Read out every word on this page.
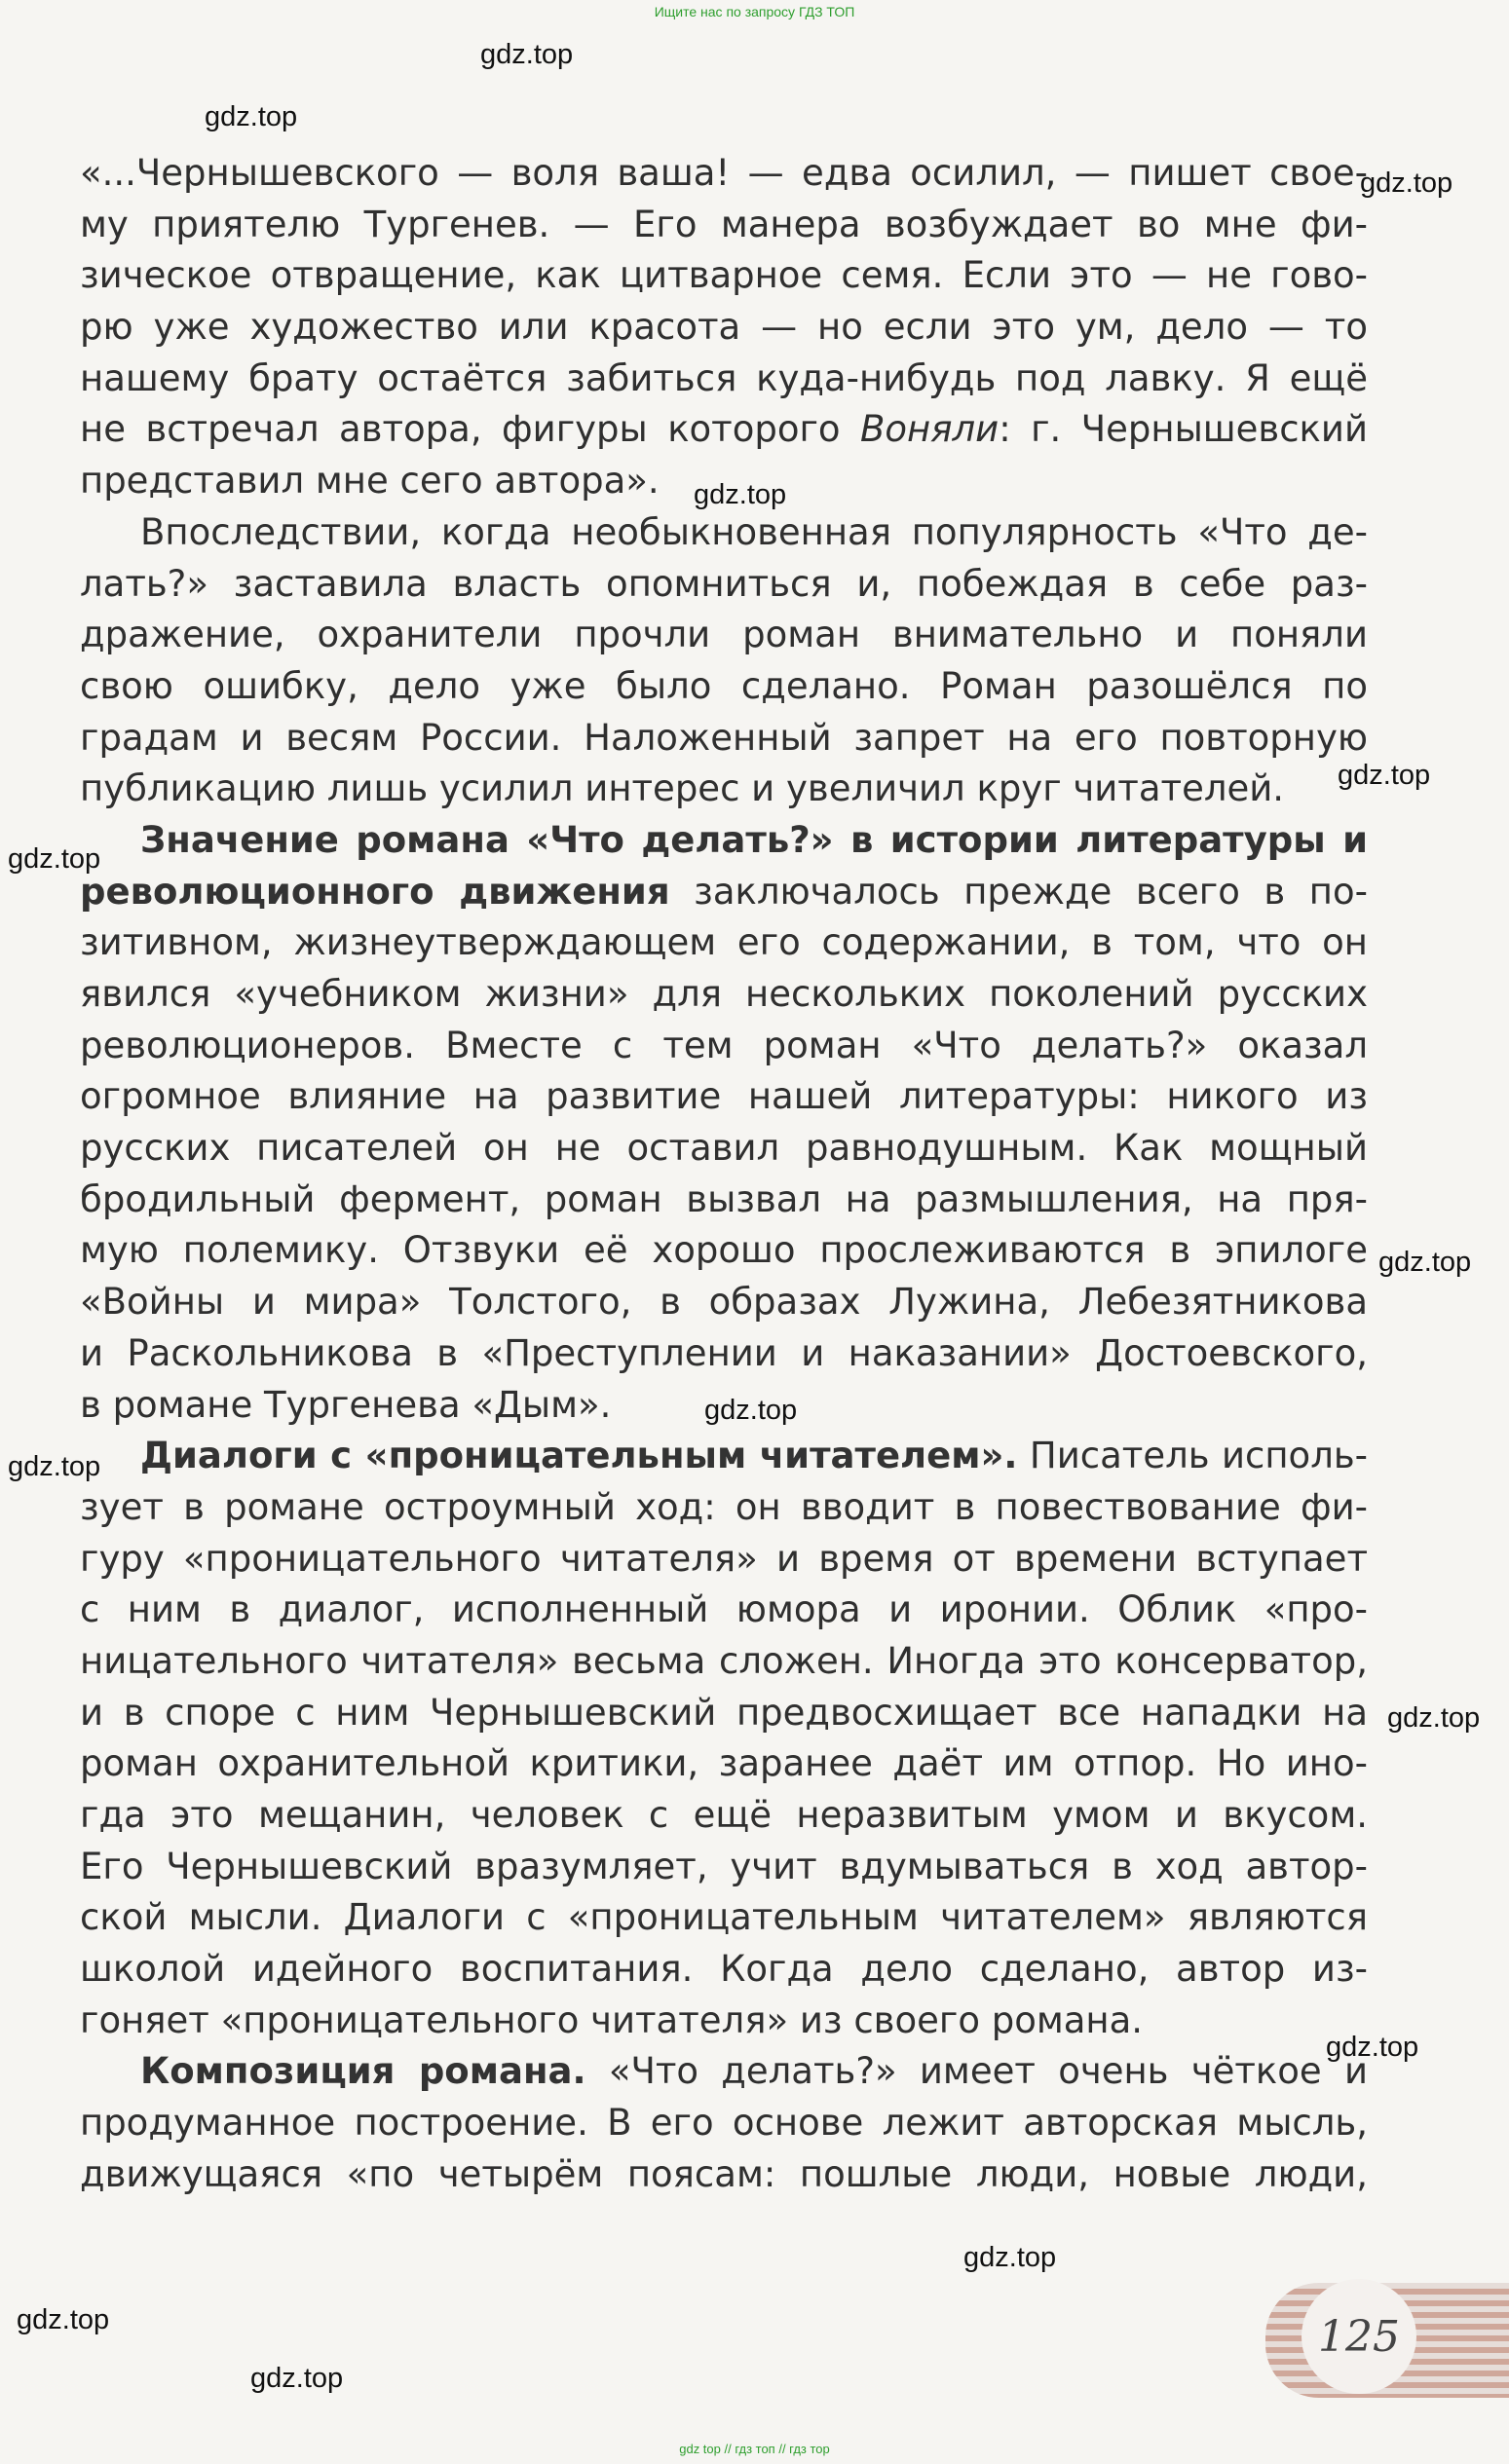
Ищите нас по запросу ГДЗ ТОП
«...Чернышевского — воля ваша! — едва осилил, — пишет свое-
му приятелю Тургенев. — Его манера возбуждает во мне фи-
зическое отвращение, как цитварное семя. Если это — не гово-
рю уже художество или красота — но если это ум, дело — то
нашему брату остаётся забиться куда-нибудь под лавку. Я ещё
не встречал автора, фигуры которого Воняли: г. Чернышевский
представил мне сего автора».
Впоследствии, когда необыкновенная популярность «Что де-
лать?» заставила власть опомниться и, побеждая в себе раз-
дражение, охранители прочли роман внимательно и поняли
свою ошибку, дело уже было сделано. Роман разошёлся по
градам и весям России. Наложенный запрет на его повторную
публикацию лишь усилил интерес и увеличил круг читателей.
Значение романа «Что делать?» в истории литературы и
революционного движения заключалось прежде всего в по-
зитивном, жизнеутверждающем его содержании, в том, что он
явился «учебником жизни» для нескольких поколений русских
революционеров. Вместе с тем роман «Что делать?» оказал
огромное влияние на развитие нашей литературы: никого из
русских писателей он не оставил равнодушным. Как мощный
бродильный фермент, роман вызвал на размышления, на пря-
мую полемику. Отзвуки её хорошо прослеживаются в эпилоге
«Войны и мира» Толстого, в образах Лужина, Лебезятникова
и Раскольникова в «Преступлении и наказании» Достоевского,
в романе Тургенева «Дым».
Диалоги с «проницательным читателем». Писатель исполь-
зует в романе остроумный ход: он вводит в повествование фи-
гуру «проницательного читателя» и время от времени вступает
с ним в диалог, исполненный юмора и иронии. Облик «про-
ницательного читателя» весьма сложен. Иногда это консерватор,
и в споре с ним Чернышевский предвосхищает все нападки на
роман охранительной критики, заранее даёт им отпор. Но ино-
гда это мещанин, человек с ещё неразвитым умом и вкусом.
Его Чернышевский вразумляет, учит вдумываться в ход автор-
ской мысли. Диалоги с «проницательным читателем» являются
школой идейного воспитания. Когда дело сделано, автор из-
гоняет «проницательного читателя» из своего романа.
Композиция романа. «Что делать?» имеет очень чёткое и
продуманное построение. В его основе лежит авторская мысль,
движущаяся «по четырём поясам: пошлые люди, новые люди,
gdz.top
gdz.top
gdz.top
gdz.top
gdz.top
gdz.top
gdz.top
gdz.top
gdz.top
gdz.top
gdz.top
gdz.top
gdz.top
gdz.top
125
gdz top // гдз топ // гдз тор
